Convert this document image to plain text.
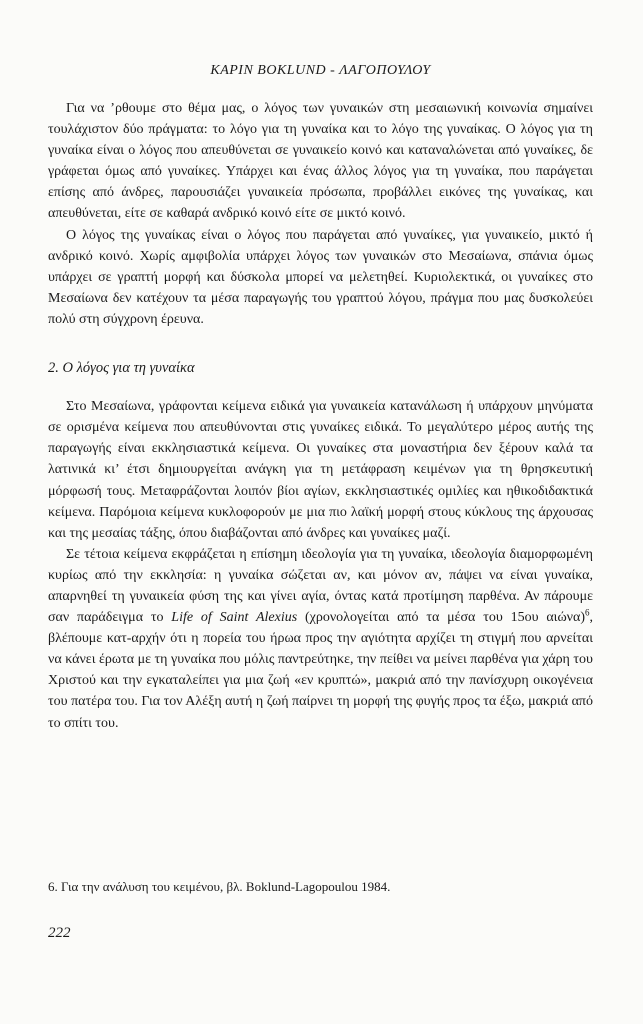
ΚΑΡΙΝ BOKLUND - ΛΑΓΟΠΟΥΛΟΥ

Για να ’ρθουμε στο θέμα μας, ο λόγος των γυναικών στη μεσαιωνική κοινωνία σημαίνει τουλάχιστον δύο πράγματα: το λόγο για τη γυναίκα και το λόγο της γυναίκας. Ο λόγος για τη γυναίκα είναι ο λόγος που απευθύνεται σε γυναικείο κοινό και καταναλώνεται από γυναίκες, δε γράφεται όμως από γυναίκες. Υπάρχει και ένας άλλος λόγος για τη γυναίκα, που παράγεται επίσης από άνδρες, παρουσιάζει γυναικεία πρόσωπα, προβάλλει εικόνες της γυναίκας, και απευθύνεται, είτε σε καθαρά ανδρικό κοινό είτε σε μικτό κοινό.

Ο λόγος της γυναίκας είναι ο λόγος που παράγεται από γυναίκες, για γυναικείο, μικτό ή ανδρικό κοινό. Χωρίς αμφιβολία υπάρχει λόγος των γυναικών στο Μεσαίωνα, σπάνια όμως υπάρχει σε γραπτή μορφή και δύσκολα μπορεί να μελετηθεί. Κυριολεκτικά, οι γυναίκες στο Μεσαίωνα δεν κατέχουν τα μέσα παραγωγής του γραπτού λόγου, πράγμα που μας δυσκολεύει πολύ στη σύγχρονη έρευνα.

2. Ο λόγος για τη γυναίκα

Στο Μεσαίωνα, γράφονται κείμενα ειδικά για γυναικεία κατανάλωση ή υπάρχουν μηνύματα σε ορισμένα κείμενα που απευθύνονται στις γυναίκες ειδικά. Το μεγαλύτερο μέρος αυτής της παραγωγής είναι εκκλησιαστικά κείμενα. Οι γυναίκες στα μοναστήρια δεν ξέρουν καλά τα λατινικά κι’ έτσι δημιουργείται ανάγκη για τη μετάφραση κειμένων για τη θρησκευτική μόρφωσή τους. Μεταφράζονται λοιπόν βίοι αγίων, εκκλησιαστικές ομιλίες και ηθικοδιδακτικά κείμενα. Παρόμοια κείμενα κυκλοφορούν με μια πιο λαϊκή μορφή στους κύκλους της άρχουσας και της μεσαίας τάξης, όπου διαβάζονται από άνδρες και γυναίκες μαζί.

Σε τέτοια κείμενα εκφράζεται η επίσημη ιδεολογία για τη γυναίκα, ιδεολογία διαμορφωμένη κυρίως από την εκκλησία: η γυναίκα σώζεται αν, και μόνον αν, πάψει να είναι γυναίκα, απαρνηθεί τη γυναικεία φύση της και γίνει αγία, όντας κατά προτίμηση παρθένα. Αν πάρουμε σαν παράδειγμα το Life of Saint Alexius (χρονολογείται από τα μέσα του 15ου αιώνα)$^6$, βλέπουμε κατ-αρχήν ότι η πορεία του ήρωα προς την αγιότητα αρχίζει τη στιγμή που αρνείται να κάνει έρωτα με τη γυναίκα που μόλις παντρεύτηκε, την πείθει να μείνει παρθένα για χάρη του Χριστού και την εγκαταλείπει για μια ζωή «εν κρυπτώ», μακριά από την πανίσχυρη οικογένεια του πατέρα του. Για τον Αλέξη αυτή η ζωή παίρνει τη μορφή της φυγής προς τα έξω, μακριά από το σπίτι του.

6. Για την ανάλυση του κειμένου, βλ. Boklund-Lagopoulou 1984.
222
